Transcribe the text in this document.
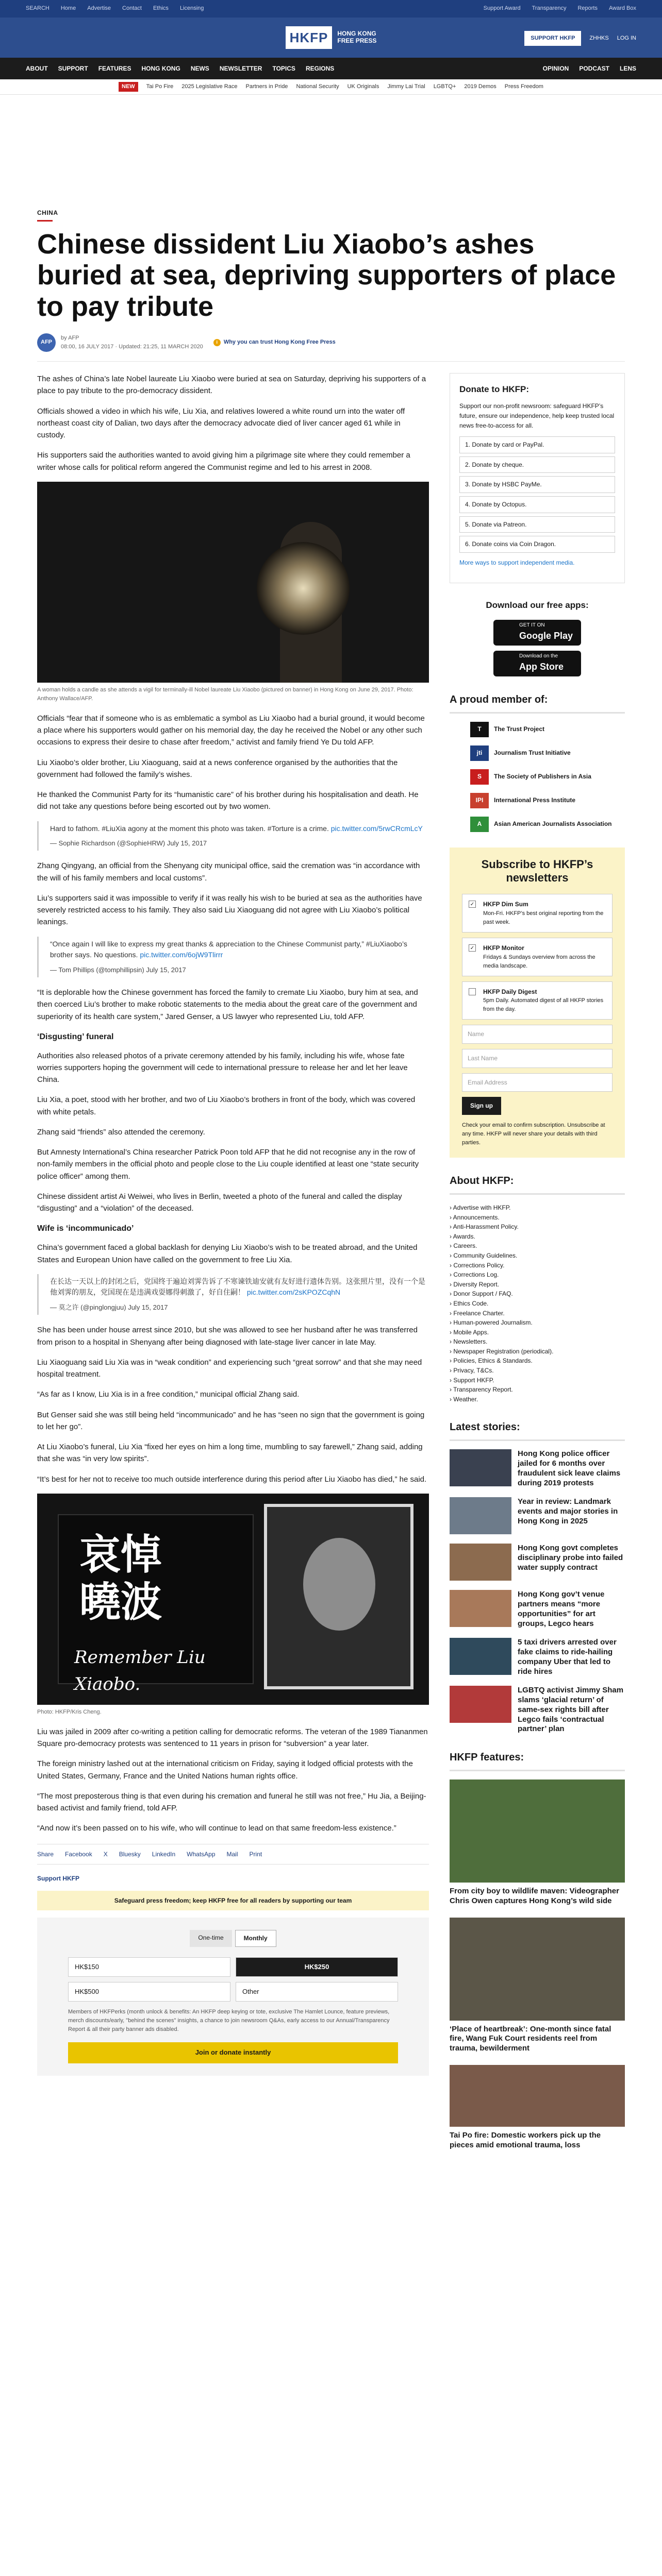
SEARCH Home Advertise Contact Ethics Licensing	Support Award Transparency Reports Award Box
HKFP	HONG KONG
FREE PRESS	SUPPORT HKFP	ZHHKS LOG IN
ABOUT SUPPORT FEATURES HONG KONG NEWS NEWSLETTER TOPICS REGIONS	OPINION PODCAST LENS
NEW	Tai Po Fire 2025 Legislative Race Partners in Pride National Security UK Originals Jimmy Lai Trial LGBTQ+ 2019 Demos Press Freedom
CHINA
Chinese dissident Liu Xiaobo’s ashes buried at sea, depriving supporters of place to pay tribute
AFP
by AFP
08:00, 16 JULY 2017 · Updated: 21:25, 11 MARCH 2020
i	Why you can trust Hong Kong Free Press

The ashes of China’s late Nobel laureate Liu Xiaobo were buried at sea on Saturday, depriving his supporters of a place to pay tribute to the pro-democracy dissident.

Officials showed a video in which his wife, Liu Xia, and relatives lowered a white round urn into the water off northeast coast city of Dalian, two days after the democracy advocate died of liver cancer aged 61 while in custody.

His supporters said the authorities wanted to avoid giving him a pilgrimage site where they could remember a writer whose calls for political reform angered the Communist regime and led to his arrest in 2008.

A woman holds a candle as she attends a vigil for terminally-ill Nobel laureate Liu Xiaobo (pictured on banner) in Hong Kong on June 29, 2017. Photo: Anthony Wallace/AFP.

Officials “fear that if someone who is as emblematic a symbol as Liu Xiaobo had a burial ground, it would become a place where his supporters would gather on his memorial day, the day he received the Nobel or any other such occasions to express their desire to chase after freedom,” activist and family friend Ye Du told AFP.

Liu Xiaobo’s older brother, Liu Xiaoguang, said at a news conference organised by the authorities that the government had followed the family’s wishes.

He thanked the Communist Party for its “humanistic care” of his brother during his hospitalisation and death. He did not take any questions before being escorted out by two women.

Hard to fathom. #LiuXia agony at the moment this photo was taken. #Torture is a crime. pic.twitter.com/5rwCRcmLcY
— Sophie Richardson (@SophieHRW) July 15, 2017

Zhang Qingyang, an official from the Shenyang city municipal office, said the cremation was “in accordance with the will of his family members and local customs”.

Liu’s supporters said it was impossible to verify if it was really his wish to be buried at sea as the authorities have severely restricted access to his family. They also said Liu Xiaoguang did not agree with Liu Xiaobo’s political leanings.

“Once again I will like to express my great thanks & appreciation to the Chinese Communist party,” #LiuXiaobo’s brother says. No questions. pic.twitter.com/6ojW9Tlirrr
— Tom Phillips (@tomphillipsin) July 15, 2017

“It is deplorable how the Chinese government has forced the family to cremate Liu Xiaobo, bury him at sea, and then coerced Liu’s brother to make robotic statements to the media about the great care of the government and superiority of its health care system,” Jared Genser, a US lawyer who represented Liu, told AFP.

‘Disgusting’ funeral

Authorities also released photos of a private ceremony attended by his family, including his wife, whose fate worries supporters hoping the government will cede to international pressure to release her and let her leave China.

Liu Xia, a poet, stood with her brother, and two of Liu Xiaobo’s brothers in front of the body, which was covered with white petals.

Zhang said “friends” also attended the ceremony.

But Amnesty International’s China researcher Patrick Poon told AFP that he did not recognise any in the row of non-family members in the official photo and people close to the Liu couple identified at least one “state security police officer” among them.

Chinese dissident artist Ai Weiwei, who lives in Berlin, tweeted a photo of the funeral and called the display “disgusting” and a “violation” of the deceased.

Wife is ‘incommunicado’

China’s government faced a global backlash for denying Liu Xiaobo’s wish to be treated abroad, and the United States and European Union have called on the government to free Liu Xia.

在长达一天以上的封闭之后，党国终于遍迫刘霁告诉了不寒谏铁迪安就有友好进行遗体告别。这张照片里，没有一个是他刘霁的朋友，党国现在是违满戏耍娜得刺激了，好自住嗣！ pic.twitter.com/2sKPOZCqhN
— 莫之许 (@pinglongjuu) July 15, 2017

She has been under house arrest since 2010, but she was allowed to see her husband after he was transferred from prison to a hospital in Shenyang after being diagnosed with late-stage liver cancer in late May.

Liu Xiaoguang said Liu Xia was in “weak condition” and experiencing such “great sorrow” and that she may need hospital treatment.

“As far as I know, Liu Xia is in a free condition,” municipal official Zhang said.

But Genser said she was still being held “incommunicado” and he has “seen no sign that the government is going to let her go”.

At Liu Xiaobo’s funeral, Liu Xia “fixed her eyes on him a long time, mumbling to say farewell,” Zhang said, adding that she was “in very low spirits”.

“It’s best for her not to receive too much outside interference during this period after Liu Xiaobo has died,” he said.

哀悼 曉波
Remember Liu Xiaobo.
Photo: HKFP/Kris Cheng.

Liu was jailed in 2009 after co-writing a petition calling for democratic reforms. The veteran of the 1989 Tiananmen Square pro-democracy protests was sentenced to 11 years in prison for “subversion” a year later.

The foreign ministry lashed out at the international criticism on Friday, saying it lodged official protests with the United States, Germany, France and the United Nations human rights office.

“The most preposterous thing is that even during his cremation and funeral he still was not free,” Hu Jia, a Beijing-based activist and family friend, told AFP.

“And now it’s been passed on to his wife, who will continue to lead on that same freedom-less existence.”

Share Facebook X Bluesky LinkedIn WhatsApp Mail Print
Support HKFP
Safeguard press freedom; keep HKFP free for all readers by supporting our team
One-time	Monthly
HK$150	HK$250
HK$500	Other
Members of HKFPerks (month unlock & benefits: An HKFP deep keying or tote, exclusive The Hamlet Lounce, feature previews, merch discounts/early, "behind the scenes" insights, a chance to join newsroom Q&As, early access to our Annual/Transparency Report & all their party banner ads disabled.
Join or donate instantly
Donate to HKFP:

Support our non-profit newsroom: safeguard HKFP’s future, ensure our independence, help keep trusted local news free-to-access for all.

1. Donate by card or PayPal.
2. Donate by cheque.
3. Donate by HSBC PayMe.
4. Donate by Octopus.
5. Donate via Patreon.
6. Donate coins via Coin Dragon.

More ways to support independent media.

Download our free apps:
GET IT ON
Google Play
Download on the
App Store
A proud member of:
T	The Trust Project
jti	Journalism Trust Initiative
S	The Society of Publishers in Asia
IPI	International Press Institute
A	Asian American Journalists Association
Subscribe to HKFP’s newsletters
✓ HKFP Dim Sum
Mon-Fri. HKFP’s best original reporting from the past week.
✓ HKFP Monitor
Fridays & Sundays overview from across the media landscape.
HKFP Daily Digest
5pm Daily. Automated digest of all HKFP stories from the day.
Name
Last Name
Email Address
Sign up
Check your email to confirm subscription. Unsubscribe at any time. HKFP will never share your details with third parties.
About HKFP:
› Advertise with HKFP.
› Announcements.
› Anti-Harassment Policy.
› Awards.
› Careers.
› Community Guidelines.
› Corrections Policy.
› Corrections Log.
› Diversity Report.
› Donor Support / FAQ.
› Ethics Code.
› Freelance Charter.
› Human-powered Journalism.
› Mobile Apps.
› Newsletters.
› Newspaper Registration (periodical).
› Policies, Ethics & Standards.
› Privacy, T&Cs.
› Support HKFP.
› Transparency Report.
› Weather.
Latest stories:
Hong Kong police officer jailed for 6 months over fraudulent sick leave claims during 2019 protests
Year in review: Landmark events and major stories in Hong Kong in 2025
Hong Kong govt completes disciplinary probe into failed water supply contract
Hong Kong gov’t venue partners means “more opportunities” for art groups, Legco hears
5 taxi drivers arrested over fake claims to ride-hailing company Uber that led to ride hires
LGBTQ activist Jimmy Sham slams ‘glacial return’ of same-sex rights bill after Legco fails ‘contractual partner’ plan
HKFP features:
From city boy to wildlife maven: Videographer Chris Owen captures Hong Kong’s wild side
‘Place of heartbreak’: One-month since fatal fire, Wang Fuk Court residents reel from trauma, bewilderment
Tai Po fire: Domestic workers pick up the pieces amid emotional trauma, loss
